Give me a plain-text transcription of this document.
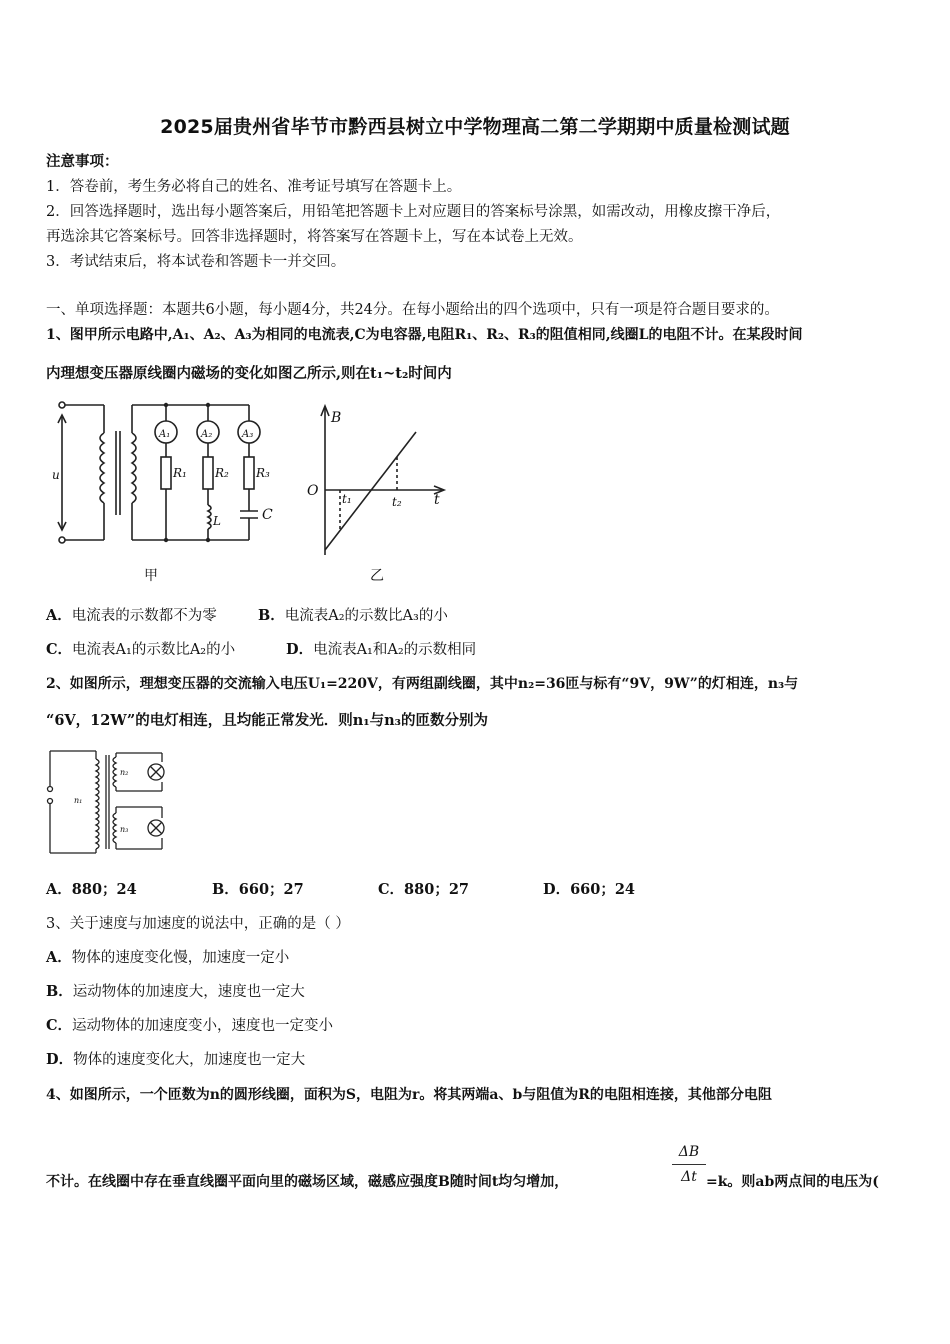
2025届贵州省毕节市黔西县树立中学物理高二第二学期期中质量检测试题
注意事项：
1．答卷前，考生务必将自己的姓名、准考证号填写在答题卡上。
2．回答选择题时，选出每小题答案后，用铅笔把答题卡上对应题目的答案标号涂黑，如需改动，用橡皮擦干净后，
再选涂其它答案标号。回答非选择题时，将答案写在答题卡上，写在本试卷上无效。
3．考试结束后，将本试卷和答题卡一并交回。
一、单项选择题：本题共6小题，每小题4分，共24分。在每小题给出的四个选项中，只有一项是符合题目要求的。
1、图甲所示电路中,A₁、A₂、A₃为相同的电流表,C为电容器,电阻R₁、R₂、R₃的阻值相同,线圈L的电阻不计。在某段时间
内理想变压器原线圈内磁场的变化如图乙所示,则在t₁~t₂时间内
u
A₁	A₂	A₃
R₁ R₂ R₃
L	C
甲
B
O t₁	t₂ t
乙
A．电流表的示数都不为零	B．电流表A₂的示数比A₃的小
C．电流表A₁的示数比A₂的小	D．电流表A₁和A₂的示数相同
2、如图所示，理想变压器的交流输入电压U₁=220V，有两组副线圈，其中n₂=36匝与标有“9V，9W”的灯相连，n₃与
“6V，12W”的电灯相连，且均能正常发光．则n₁与n₃的匝数分别为
n₁
n₂
n₃
A．880；24	B．660；27	C．880；27	D．660；24
3、关于速度与加速度的说法中，正确的是（ ）
A．物体的速度变化慢，加速度一定小
B．运动物体的加速度大，速度也一定大
C．运动物体的加速度变小，速度也一定变小
D．物体的速度变化大，加速度也一定大
4、如图所示，一个匝数为n的圆形线圈，面积为S，电阻为r。将其两端a、b与阻值为R的电阻相连接，其他部分电阻
不计。在线圈中存在垂直线圈平面向里的磁场区域，磁感应强度B随时间t均匀增加，
ΔB
Δt =k。则ab两点间的电压为(
